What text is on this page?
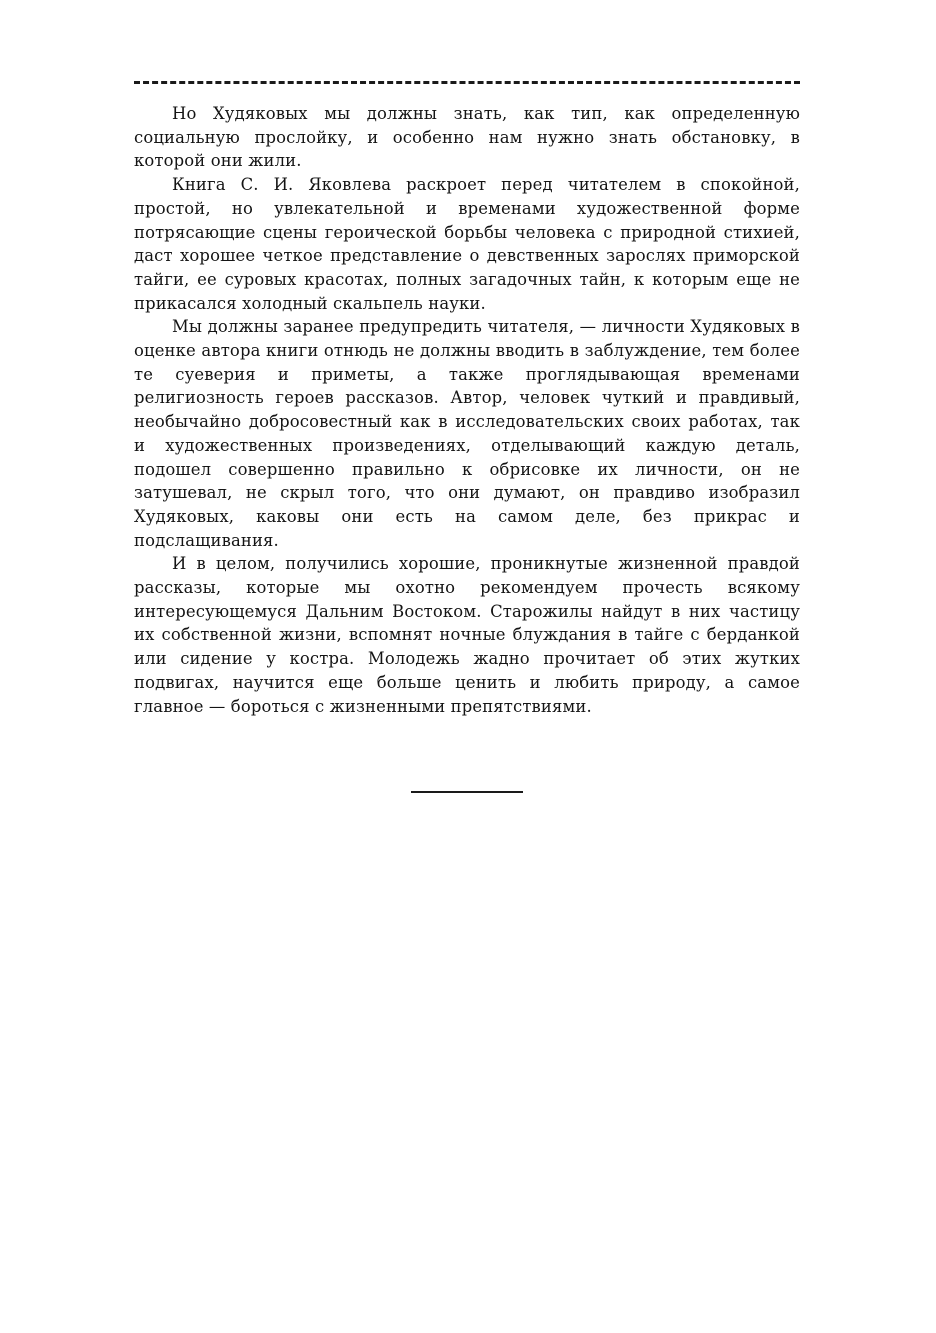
Но Худяковых мы должны знать, как тип, как определенную социальную прослойку, и особенно нам нужно знать обстановку, в которой они жили.

Книга С. И. Яковлева раскроет перед читателем в спокойной, простой, но увлекательной и временами художественной форме потрясающие сцены героической борьбы человека с природной стихией, даст хорошее четкое представление о девственных зарослях приморской тайги, ее суровых красотах, полных загадочных тайн, к которым еще не прикасался холодный скальпель науки.

Мы должны заранее предупредить читателя, — личности Худяковых в оценке автора книги отнюдь не должны вводить в заблуждение, тем более те суеверия и приметы, а также проглядывающая временами религиозность героев рассказов. Автор, человек чуткий и правдивый, необычайно добросовестный как в исследовательских своих работах, так и художественных произведениях, отделывающий каждую деталь, подошел совершенно правильно к обрисовке их личности, он не затушевал, не скрыл того, что они думают, он правдиво изобразил Худяковых, каковы они есть на самом деле, без прикрас и подслащивания.

И в целом, получились хорошие, проникнутые жизненной правдой рассказы, которые мы охотно рекомендуем прочесть всякому интересующемуся Дальним Востоком. Старожилы найдут в них частицу их собственной жизни, вспомнят ночные блуждания в тайге с берданкой или сидение у костра. Молодежь жадно прочитает об этих жутких подвигах, научится еще больше ценить и любить природу, а самое главное — бороться с жизненными препятствиями.
